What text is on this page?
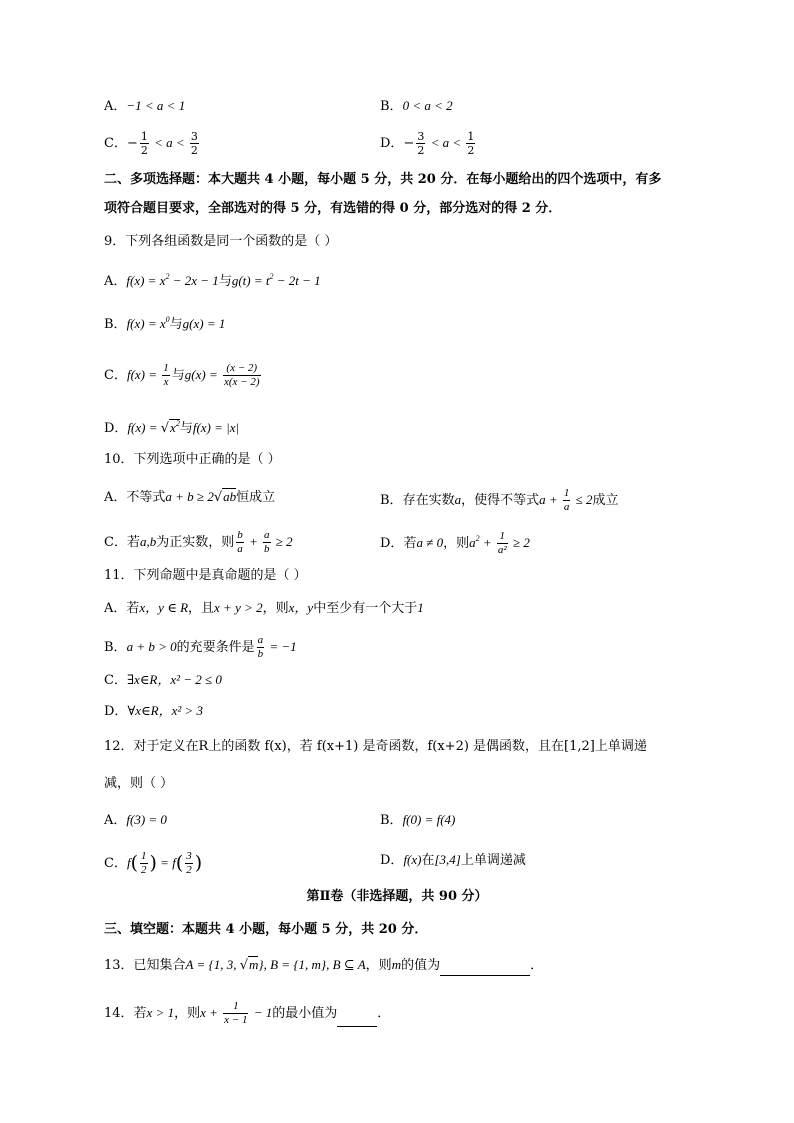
A．−1 < a < 1	B．0 < a < 2
C．− $\frac{1}{2} < a < \frac{3}{2}$	D．− $\frac{3}{2} < a < \frac{1}{2}$
二、多项选择题：本大题共 4 小题，每小题 5 分，共 20 分．在每小题给出的四个选项中，有多
项符合题目要求，全部选对的得 5 分，有选错的得 0 分，部分选对的得 2 分．
9．下列各组函数是同一个函数的是（ ）
A．$f(x) = x^2 - 2x - 1$与$g(t) = t^2 - 2t - 1$
B．$f(x) = x^0$与g(x) = 1
C．$f(x) = \frac{1}{x}$ 与$g(x) = \frac{(x - 2)}{x(x - 2)}$
D．$f(x) = √x^2$与f(x) = |x|
10．下列选项中正确的是（ ）
A．不等式a + b ≥ 2√ab恒成立	B．存在实数a，使得不等式$a + \frac{1}{a} \le 2$成立
C．若a,b为正实数，则 $\frac{b}{a} + \frac{a}{b} \ge 2$	D．若a ≠ 0，则$a^2 + \frac{1}{\text{a²}} \ge 2$
11．下列命题中是真命题的是（ ）
A．若x，y ∈ R，且x + y > 2，则x，y中至少有一个大于1
B．a + b > 0的充要条件是 $\frac{a}{b} = -1$
C．∃x∈R，x² − 2 ≤ 0
D．∀x∈R，x² > 3
12．对于定义在R上的函数 f(x)，若 f(x+1) 是奇函数，f(x+2) 是偶函数，且在[1,2]上单调递
减，则（ ）
A．f(3) = 0	B．f(0) = f(4)
C．$f( \frac{1}{2}$ ) = $f( \frac{3}{2}$ )	D．f(x)在[3,4]上单调递减
第Ⅱ卷（非选择题，共 90 分）
三、填空题：本题共 4 小题，每小题 5 分，共 20 分．
13．已知集合A = {1, 3, √m}, B = {1, m}, B ⊆ A，则m的值为	．
14．若x > 1，则$x + \frac{1}{x - 1} - 1$的最小值为	．
